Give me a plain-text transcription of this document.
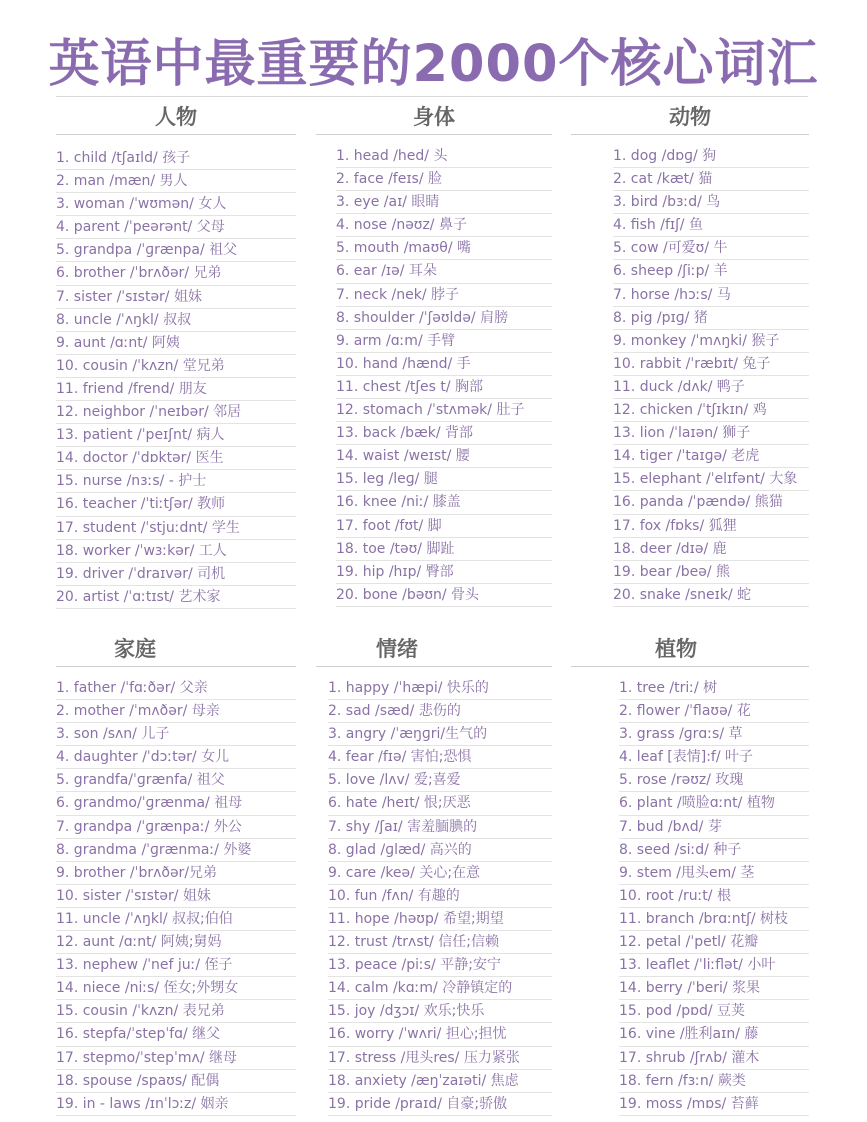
英语中最重要的2000个核心词汇
人物
1. child /tʃaɪld/ 孩子
2. man /mæn/ 男人
3. woman /ˈwʊmən/ 女人
4. parent /ˈpeərənt/ 父母
5. grandpa /ˈɡrænpa/ 祖父
6. brother /ˈbrʌðər/ 兄弟
7. sister /ˈsɪstər/ 姐妹
8. uncle /ˈʌŋkl/ 叔叔
9. aunt /ɑːnt/ 阿姨
10. cousin /ˈkʌzn/ 堂兄弟
11. friend /frend/ 朋友
12. neighbor /ˈneɪbər/ 邻居
13. patient /ˈpeɪʃnt/ 病人
14. doctor /ˈdɒktər/ 医生
15. nurse /nɜːs/ - 护士
16. teacher /ˈtiːtʃər/ 教师
17. student /ˈstjuːdnt/ 学生
18. worker /ˈwɜːkər/ 工人
19. driver /ˈdraɪvər/ 司机
20. artist /ˈɑːtɪst/ 艺术家
身体
1. head /hed/ 头
2. face /feɪs/ 脸
3. eye /aɪ/ 眼睛
4. nose /nəʊz/ 鼻子
5. mouth /maʊθ/ 嘴
6. ear /ɪə/ 耳朵
7. neck /nek/ 脖子
8. shoulder /ˈʃəʊldə/ 肩膀
9. arm /ɑːm/ 手臂
10. hand /hænd/ 手
11. chest /tʃes t/ 胸部
12. stomach /ˈstʌmək/ 肚子
13. back /bæk/ 背部
14. waist /weɪst/ 腰
15. leg /leɡ/ 腿
16. knee /niː/ 膝盖
17. foot /fʊt/ 脚
18. toe /təʊ/ 脚趾
19. hip /hɪp/ 臀部
20. bone /bəʊn/ 骨头
动物
1. dog /dɒɡ/ 狗
2. cat /kæt/ 猫
3. bird /bɜːd/ 鸟
4. fish /fɪʃ/ 鱼
5. cow /可爱ʊ/ 牛
6. sheep /ʃiːp/ 羊
7. horse /hɔːs/ 马
8. pig /pɪɡ/ 猪
9. monkey /ˈmʌŋki/ 猴子
10. rabbit /ˈræbɪt/ 兔子
11. duck /dʌk/ 鸭子
12. chicken /ˈtʃɪkɪn/ 鸡
13. lion /ˈlaɪən/ 狮子
14. tiger /ˈtaɪɡə/ 老虎
15. elephant /ˈelɪfənt/ 大象
16. panda /ˈpændə/ 熊猫
17. fox /fɒks/ 狐狸
18. deer /dɪə/ 鹿
19. bear /beə/ 熊
20. snake /sneɪk/ 蛇
家庭
1. father /ˈfɑːðər/ 父亲
2. mother /ˈmʌðər/ 母亲
3. son /sʌn/ 儿子
4. daughter /ˈdɔːtər/ 女儿
5. grandfa/ˈɡrænfa/ 祖父
6. grandmo/ˈɡrænma/ 祖母
7. grandpa /ˈɡrænpaː/ 外公
8. grandma /ˈɡrænmaː/ 外婆
9. brother /ˈbrʌðər/兄弟
10. sister /ˈsɪstər/ 姐妹
11. uncle /ˈʌŋkl/ 叔叔;伯伯
12. aunt /ɑːnt/ 阿姨;舅妈
13. nephew /ˈnef juː/ 侄子
14. niece /niːs/ 侄女;外甥女
15. cousin /ˈkʌzn/ 表兄弟
16. stepfa/ˈstepˈfɑ/ 继父
17. stepmo/ˈstepˈmʌ/ 继母
18. spouse /spaʊs/ 配偶
19. in - laws /ɪnˈlɔːz/ 姻亲
情绪
1. happy /ˈhæpi/ 快乐的
2. sad /sæd/ 悲伤的
3. angry /ˈæŋɡri/生气的
4. fear /fɪə/ 害怕;恐惧
5. love /lʌv/ 爱;喜爱
6. hate /heɪt/ 恨;厌恶
7. shy /ʃaɪ/ 害羞腼腆的
8. glad /ɡlæd/ 高兴的
9. care /keə/ 关心;在意
10. fun /fʌn/ 有趣的
11. hope /həʊp/ 希望;期望
12. trust /trʌst/ 信任;信赖
13. peace /piːs/ 平静;安宁
14. calm /kɑːm/ 冷静镇定的
15. joy /dʒɔɪ/ 欢乐;快乐
16. worry /ˈwʌri/ 担心;担忧
17. stress /甩头res/ 压力紧张
18. anxiety /æŋˈzaɪəti/ 焦虑
19. pride /praɪd/ 自豪;骄傲
植物
1. tree /triː/ 树
2. flower /ˈflaʊə/ 花
3. grass /ɡrɑːs/ 草
4. leaf [表情]:f/ 叶子
5. rose /rəʊz/ 玫瑰
6. plant /喷脸ɑːnt/ 植物
7. bud /bʌd/ 芽
8. seed /siːd/ 种子
9. stem /甩头em/ 茎
10. root /ruːt/ 根
11. branch /brɑːntʃ/ 树枝
12. petal /ˈpetl/ 花瓣
13. leaflet /ˈliːflət/ 小叶
14. berry /ˈberi/ 浆果
15. pod /pɒd/ 豆荚
16. vine /胜利aɪn/ 藤
17. shrub /ʃrʌb/ 灌木
18. fern /fɜːn/ 蕨类
19. moss /mɒs/ 苔藓
